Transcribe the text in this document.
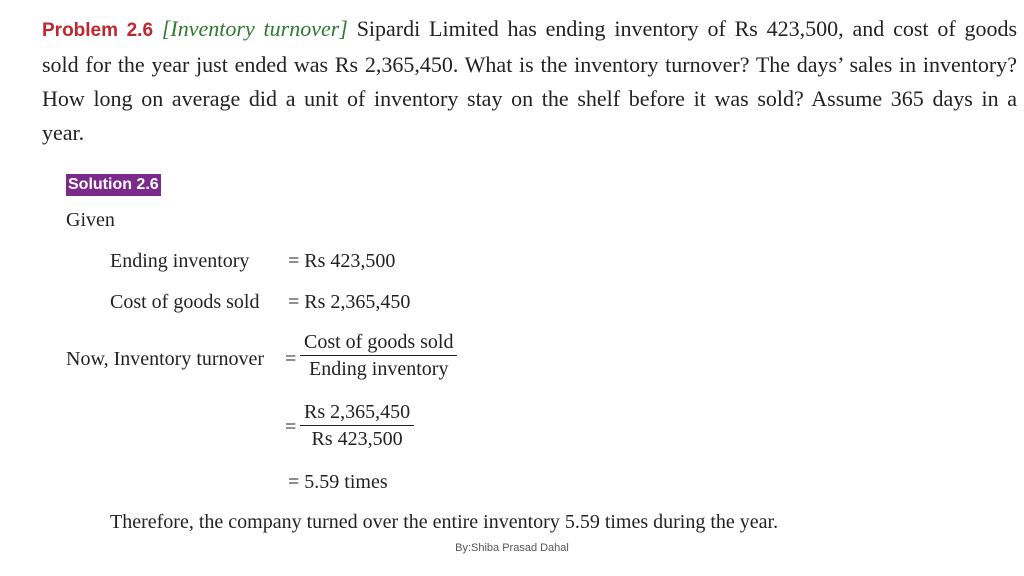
Problem 2.6 [Inventory turnover] Sipardi Limited has ending inventory of Rs 423,500, and cost of goods
sold for the year just ended was Rs 2,365,450. What is the inventory turnover? The days’ sales in inventory?
How long on average did a unit of inventory stay on the shelf before it was sold? Assume 365 days in a
year.
Solution 2.6
Given
Ending inventory = Rs 423,500
Cost of goods sold = Rs 2,365,450
Now, Inventory turnover =
Cost of goods sold
Ending inventory
= $\frac{Rs 2,365,450}{Rs 423,500}$
= 5.59 times
Therefore, the company turned over the entire inventory 5.59 times during the year.
By:Shiba Prasad Dahal
